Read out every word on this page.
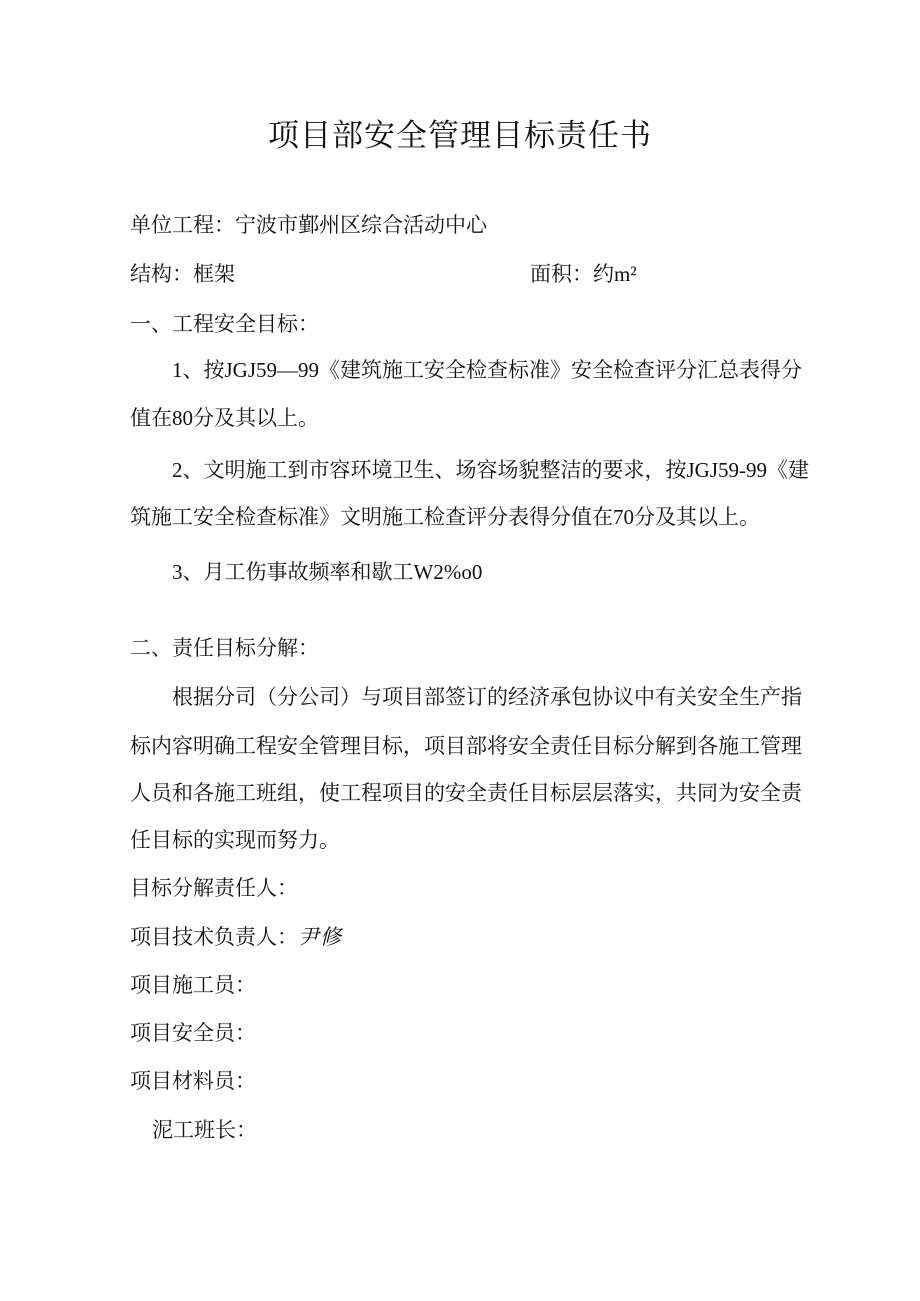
项目部安全管理目标责任书
单位工程：宁波市鄞州区综合活动中心
结构：框架	面积：约m²
一、工程安全目标：
1、按JGJ59—99《建筑施工安全检查标准》安全检查评分汇总表得分
值在80分及其以上。
2、文明施工到市容环境卫生、场容场貌整洁的要求，按JGJ59-99《建
筑施工安全检查标准》文明施工检查评分表得分值在70分及其以上。
3、月工伤事故频率和歇工W2%o0
二、责任目标分解：
根据分司（分公司）与项目部签订的经济承包协议中有关安全生产指
标内容明确工程安全管理目标，项目部将安全责任目标分解到各施工管理
人员和各施工班组，使工程项目的安全责任目标层层落实，共同为安全责
任目标的实现而努力。
目标分解责任人：
项目技术负责人：尹修
项目施工员：
项目安全员：
项目材料员：
泥工班长：
